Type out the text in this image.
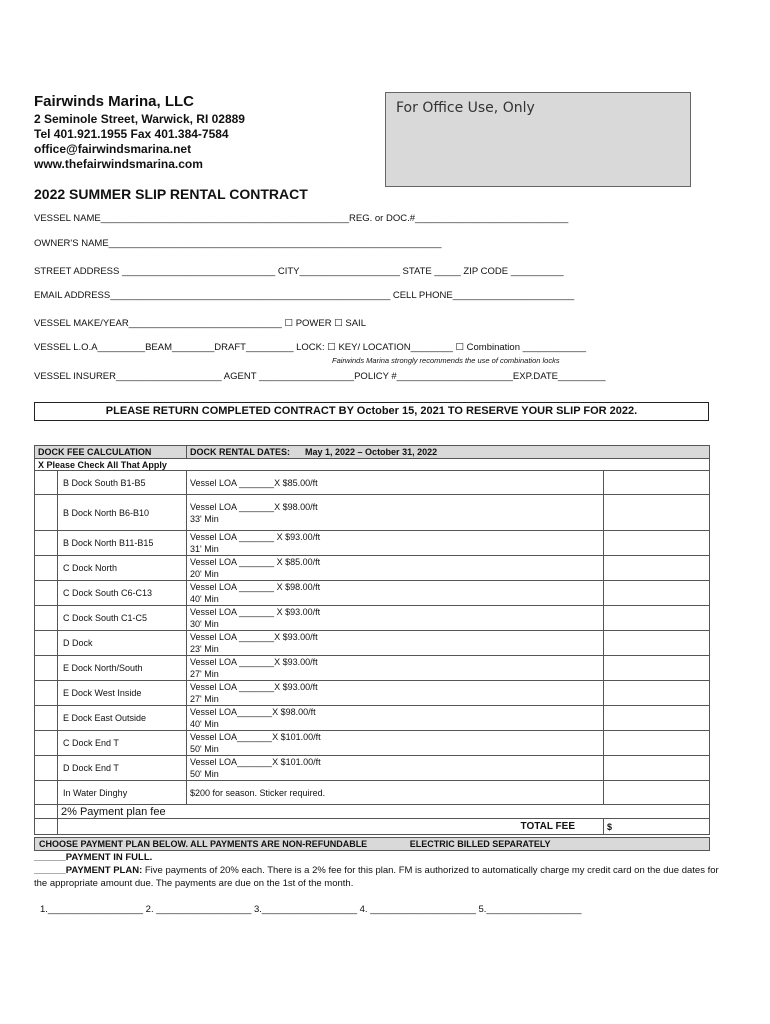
Fairwinds Marina, LLC
2 Seminole Street, Warwick, RI 02889
Tel 401.921.1955 Fax 401.384-7584
office@fairwindsmarina.net
www.thefairwindsmarina.com
For Office Use, Only
2022 SUMMER SLIP RENTAL CONTRACT
VESSEL NAME_______________________________________________REG. or DOC.#_____________________________
OWNER'S NAME_______________________________________________________________
STREET ADDRESS _____________________________ CITY___________________ STATE _____ ZIP CODE __________
EMAIL ADDRESS_____________________________________________________ CELL PHONE_______________________
VESSEL MAKE/YEAR_____________________________ ☐ POWER ☐ SAIL
VESSEL L.O.A_________BEAM________DRAFT_________ LOCK: ☐ KEY/ LOCATION________ ☐ Combination ____________
Fairwinds Marina strongly recommends the use of combination locks
VESSEL INSURER____________________ AGENT __________________POLICY #______________________EXP.DATE_________
PLEASE RETURN COMPLETED CONTRACT BY October 15, 2021 TO RESERVE YOUR SLIP FOR 2022.
DOCK FEE CALCULATION		DOCK RENTAL DATES: May 1, 2022 – October 31, 2022	
X Please Check All That Apply			
	B Dock South B1-B5	Vessel LOA _______X $85.00/ft	

	B Dock North B6-B10	Vessel LOA _______X $98.00/ft
33' Min	

	B Dock North B11-B15	Vessel LOA _______ X $93.00/ft
31' Min	

	C Dock North	Vessel LOA _______ X $85.00/ft
20' Min	

	C Dock South C6-C13	Vessel LOA _______ X $98.00/ft
40' Min	

	C Dock South C1-C5	Vessel LOA _______ X $93.00/ft
30' Min	

	D Dock	Vessel LOA _______X $93.00/ft
23' Min	

	E Dock North/South	Vessel LOA _______X $93.00/ft
27' Min	

	E Dock West Inside	Vessel LOA _______X $93.00/ft
27' Min	

	E Dock East Outside	Vessel LOA_______X $98.00/ft
40' Min	

	C Dock End T	Vessel LOA_______X $101.00/ft
50' Min	

	D Dock End T	Vessel LOA_______X $101.00/ft
50' Min	

	In Water Dinghy	$200 for season. Sticker required.	

	2% Payment plan fee		
	TOTAL FEE		$
CHOOSE PAYMENT PLAN BELOW. ALL PAYMENTS ARE NON-REFUNDABLE	ELECTRIC BILLED SEPARATELY
______PAYMENT IN FULL.
______PAYMENT PLAN: Five payments of 20% each. There is a 2% fee for this plan. FM is authorized to automatically charge my credit card on the due dates for the appropriate amount due. The payments are due on the 1st of the month.
1.__________________ 2. __________________ 3.__________________ 4. ____________________ 5.__________________
